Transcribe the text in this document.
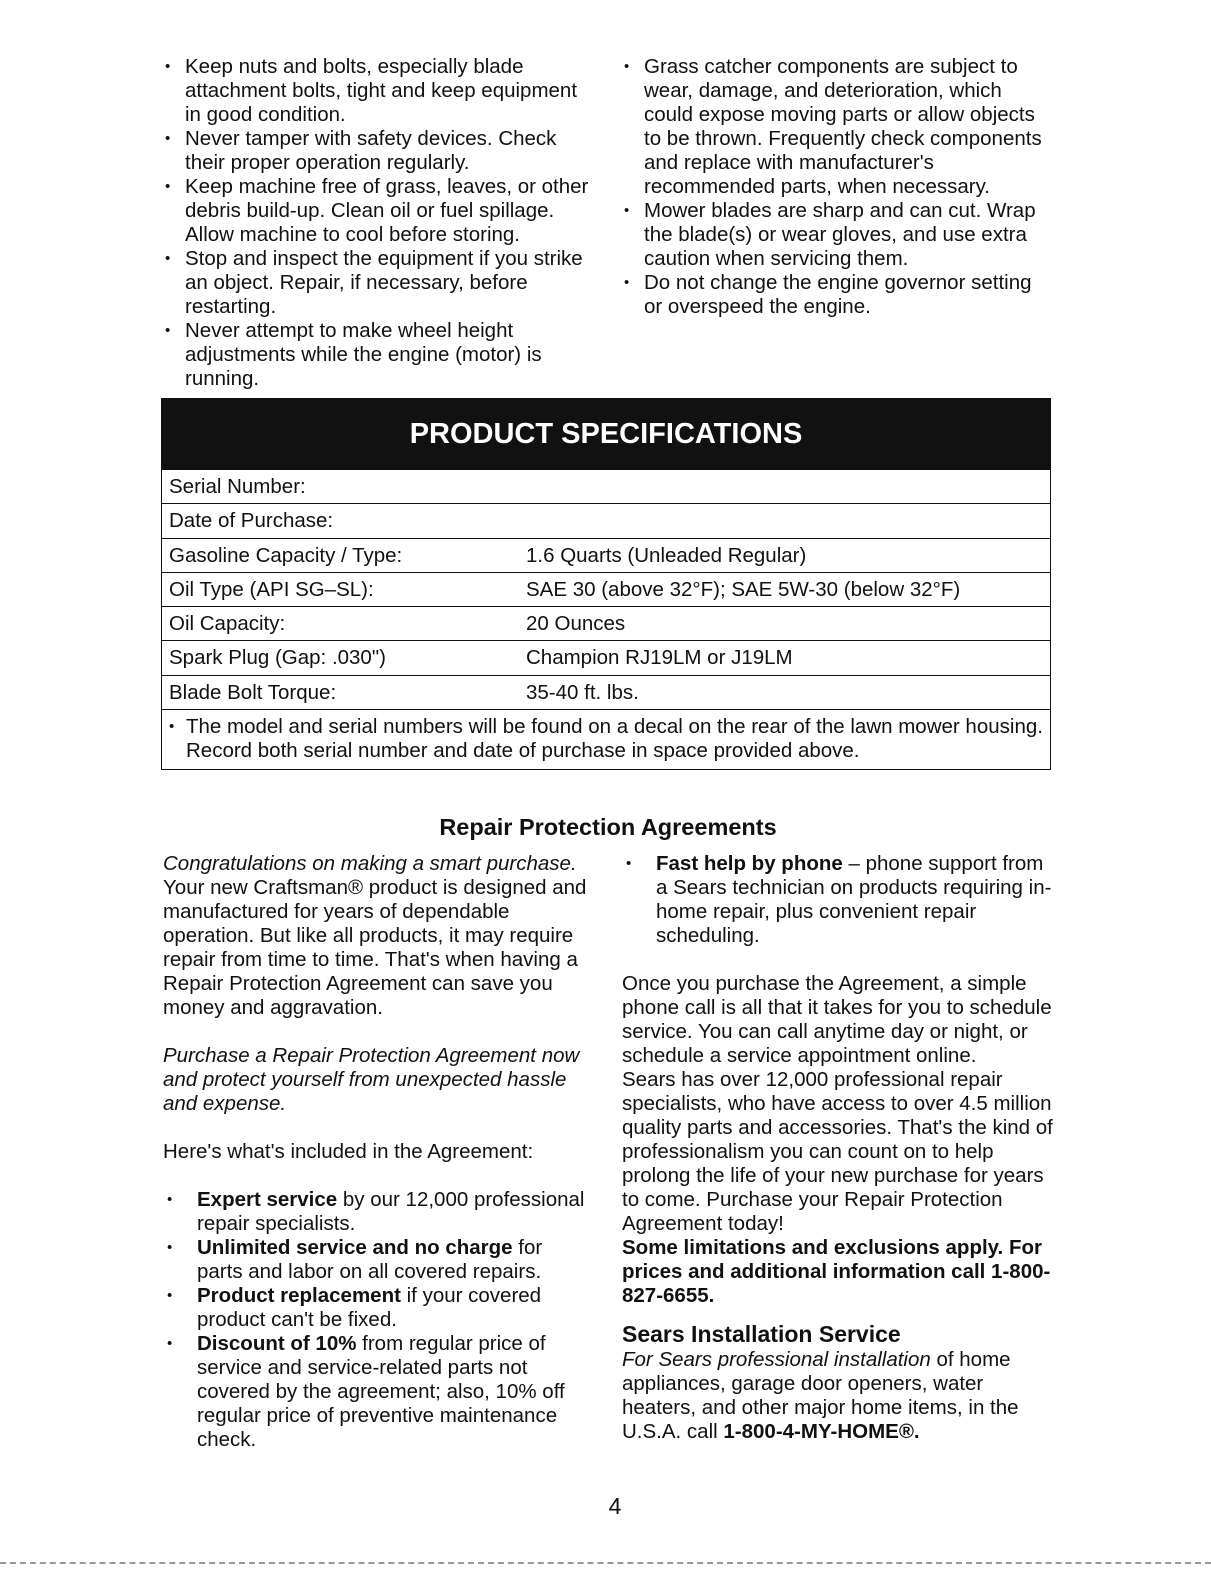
• Keep nuts and bolts, especially blade attachment bolts, tight and keep equipment in good condition.
• Never tamper with safety devices. Check their proper operation regularly.
• Keep machine free of grass, leaves, or other debris build-up. Clean oil or fuel spillage. Allow machine to cool before storing.
• Stop and inspect the equipment if you strike an object. Repair, if necessary, before restarting.
• Never attempt to make wheel height adjustments while the engine (motor) is running.
• Grass catcher components are subject to wear, damage, and deterioration, which could expose moving parts or allow objects to be thrown. Frequently check components and replace with manufacturer's recommended parts, when necessary.
• Mower blades are sharp and can cut. Wrap the blade(s) or wear gloves, and use extra caution when servicing them.
• Do not change the engine governor setting or overspeed the engine.
PRODUCT SPECIFICATIONS
Serial Number:
Date of Purchase:
Gasoline Capacity / Type:	1.6 Quarts (Unleaded Regular)
Oil Type (API SG–SL):	SAE 30 (above 32°F); SAE 5W-30 (below 32°F)
Oil Capacity:	20 Ounces
Spark Plug (Gap: .030")	Champion RJ19LM or J19LM
Blade Bolt Torque:	35-40 ft. lbs.
• The model and serial numbers will be found on a decal on the rear of the lawn mower housing. Record both serial number and date of purchase in space provided above.
Repair Protection Agreements

Congratulations on making a smart purchase. Your new Craftsman® product is designed and manufactured for years of dependable operation. But like all products, it may require repair from time to time. That's when having a Repair Protection Agreement can save you money and aggravation.

Purchase a Repair Protection Agreement now and protect yourself from unexpected hassle and expense.

Here's what's included in the Agreement:

• Expert service by our 12,000 professional repair specialists.
• Unlimited service and no charge for parts and labor on all covered repairs.
• Product replacement if your covered product can't be fixed.
• Discount of 10% from regular price of service and service-related parts not covered by the agreement; also, 10% off regular price of preventive maintenance check.
• Fast help by phone – phone support from a Sears technician on products requiring in-home repair, plus convenient repair scheduling.

Once you purchase the Agreement, a simple phone call is all that it takes for you to schedule service. You can call anytime day or night, or schedule a service appointment online.

Sears has over 12,000 professional repair specialists, who have access to over 4.5 million quality parts and accessories. That's the kind of professionalism you can count on to help prolong the life of your new purchase for years to come. Purchase your Repair Protection Agreement today!

Some limitations and exclusions apply. For prices and additional information call 1-800-827-6655.

Sears Installation Service

For Sears professional installation of home appliances, garage door openers, water heaters, and other major home items, in the U.S.A. call 1-800-4-MY-HOME®.

4
